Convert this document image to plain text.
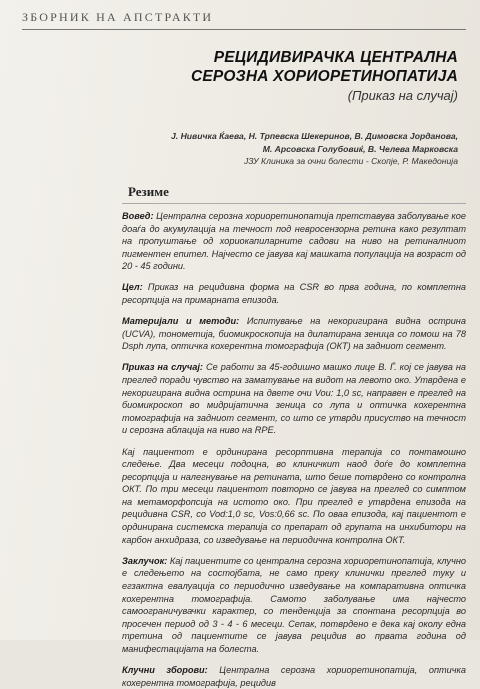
ЗБОРНИК НА АПСТРАКТИ
РЕЦИДИВИРАЧКА ЦЕНТРАЛНА
СЕРОЗНА ХОРИОРЕТИНОПАТИЈА
(Приказ на случај)
Ј. Нивичка Ќаева, Н. Трпевска Шекеринов, В. Димовска Јорданова,
М. Арсовска Голубовиќ, В. Челева Марковска
ЈЗУ Клиника за очни болести - Скопје, Р. Македонија
Резиме

Вовед: Централна серозна хориоретинопатија претставува заболување кое доаѓа до акумулација на течност под невросензорна ретина како резултат на пропуштање од хориокапиларните садови на ниво на ретиналниот пигментен епител. Најчесто се јавува кај машката популација на возраст од 20 - 45 години.

Цел: Приказ на рецидивна форма на CSR во прва година, по комплетна ресорпција на примарната епизода.

Материјали и методи: Испитување на некоригирана видна острина (UCVA), тонометија, биомикроскопија на дилатирана зеница со помош на 78 Dsph лупа, оптичка кохерентна томографија (ОКТ) на задниот сегмент.

Приказ на случај: Се работи за 45-годишно машко лице В. Ѓ. кој се јавува на преглед поради чувство на заматување на видот на левото око. Утврдена е некоригирана видна острина на двете очи Vou: 1,0 sc, направен е преглед на биомикроскоп во мидријатична зеница со лупа и оптичка кохерентна томографија на задниот сегмент, со што се утврди присуство на течност и серозна аблација на ниво на RPE.

Кај пациентот е ординирана ресорптивна терапија со понтамошно следење. Два месеци подоцна, во клиничкит наод доѓе до комплетна ресорпција и налегнување на ретината, што беше потврдено со контролна ОКТ. По три месеци пациентот повторно се јавува на преглед со симптом на метаморфопсија на истото око. При преглед е утврдена епизода на рецидивна CSR, со Vod:1,0 sc, Vos:0,66 sc. По оваа епизода, кај пациентот е ординирана системска терапија со препарат од групата на инхибитори на карбон анхидраза, со изведување на периодична контролна ОКТ.

Заклучок: Кај пациентите со централна серозна хориоретинопатија, клучно е следењето на состојбата, не само преку клинички преглед туку и егзактна евалуација со периодично изведување на компаративна оптичка кохерентна томографија. Самото заболување има најчесто самоограничувачки карактер, со тенденција за спонтана ресорпција во просечен период од 3 - 4 - 6 месеци. Сепак, потврдено е дека кај околу една третина од пациентите се јавува рецидив во првата година од манифестацијата на болеста.

Клучни зборови: Централна серозна хориоретинопатија, оптичка кохерентна томографија, рецидив
